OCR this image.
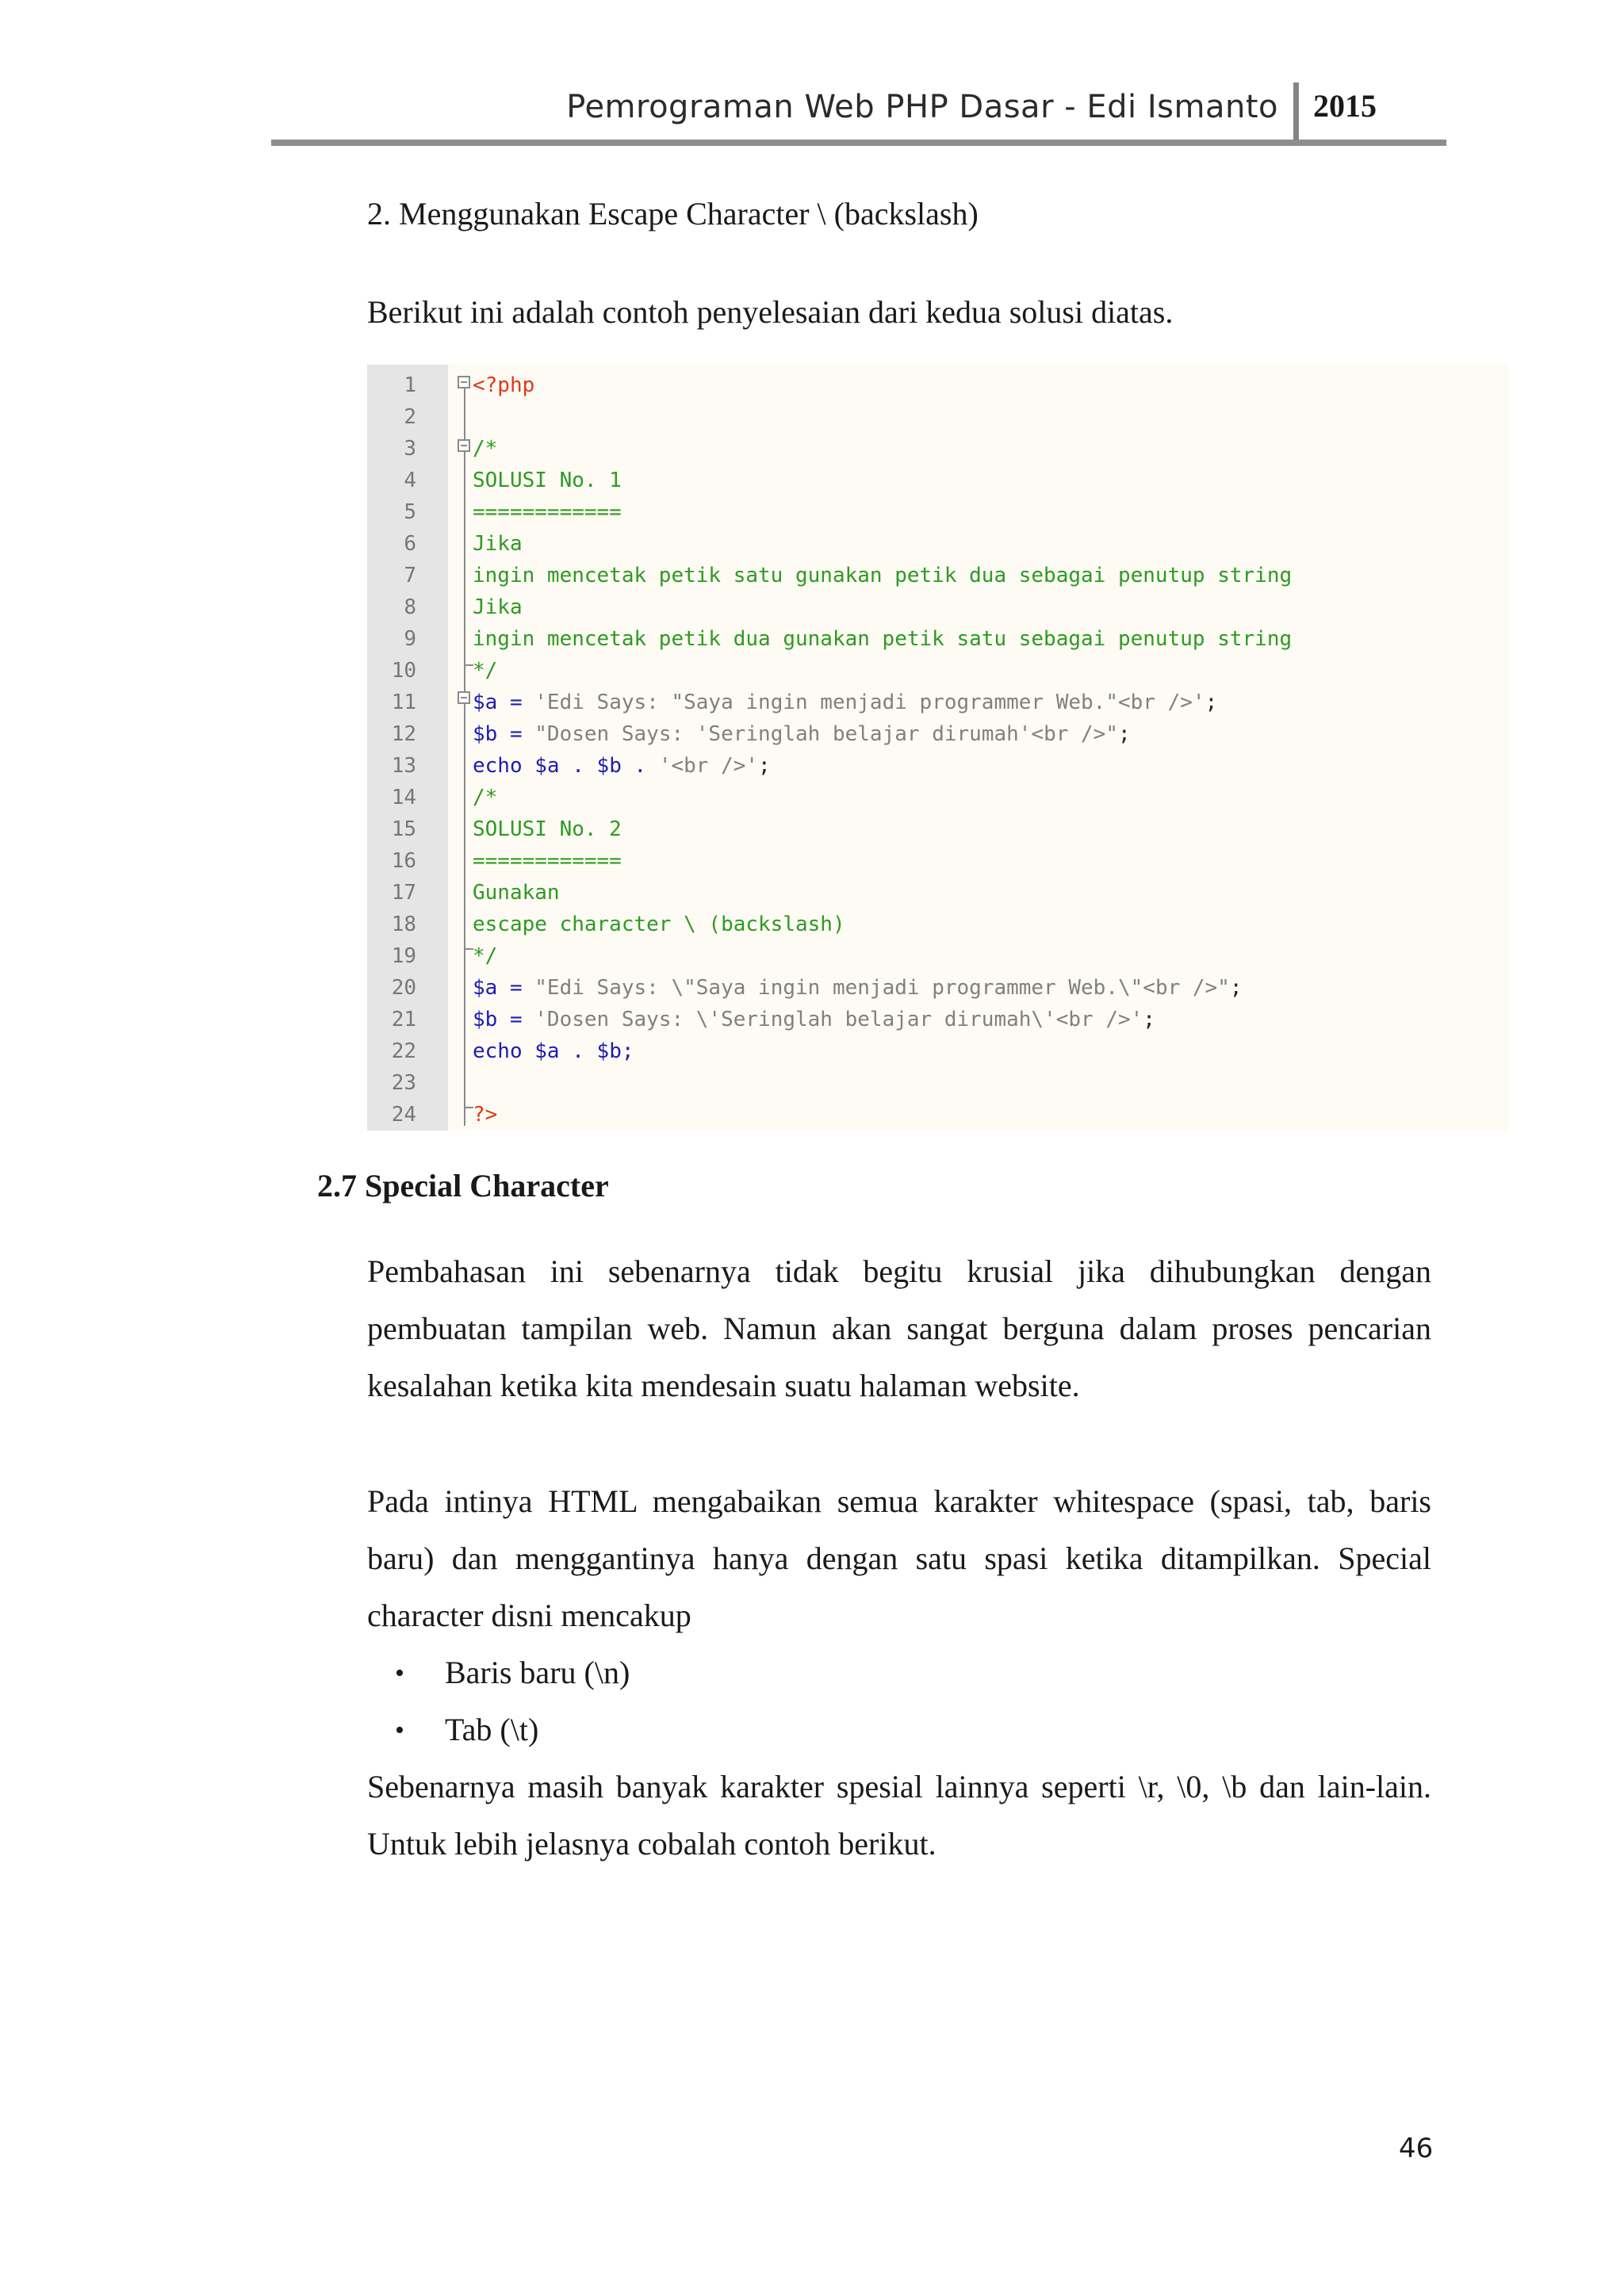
Pemrograman Web PHP Dasar - Edi Ismanto 2015
2. Menggunakan Escape Character \ (backslash)
Berikut ini adalah contoh penyelesaian dari kedua solusi diatas.
1	<?php
2
3	/*
4	SOLUSI No. 1
5	============
6	Jika
7	ingin mencetak petik satu gunakan petik dua sebagai penutup string
8	Jika
9	ingin mencetak petik dua gunakan petik satu sebagai penutup string
10	*/
11	$a = 'Edi Says: "Saya ingin menjadi programmer Web."<br />';
12	$b = "Dosen Says: 'Seringlah belajar dirumah'<br />";
13	echo $a . $b . '<br />';
14	/*
15	SOLUSI No. 2
16	============
17	Gunakan
18	escape character \ (backslash)
19	*/
20	$a = "Edi Says: \"Saya ingin menjadi programmer Web.\"<br />";
21	$b = 'Dosen Says: \'Seringlah belajar dirumah\'<br />';
22	echo $a . $b;
23
24	?>
2.7 Special Character
Pembahasan ini sebenarnya tidak begitu krusial jika dihubungkan dengan
pembuatan tampilan web. Namun akan sangat berguna dalam proses pencarian
kesalahan ketika kita mendesain suatu halaman website.
Pada intinya HTML mengabaikan semua karakter whitespace (spasi, tab, baris
baru) dan menggantinya hanya dengan satu spasi ketika ditampilkan. Special
character disni mencakup
• Baris baru (\n)
• Tab (\t)
Sebenarnya masih banyak karakter spesial lainnya seperti \r, \0, \b dan lain-lain.
Untuk lebih jelasnya cobalah contoh berikut.
46
